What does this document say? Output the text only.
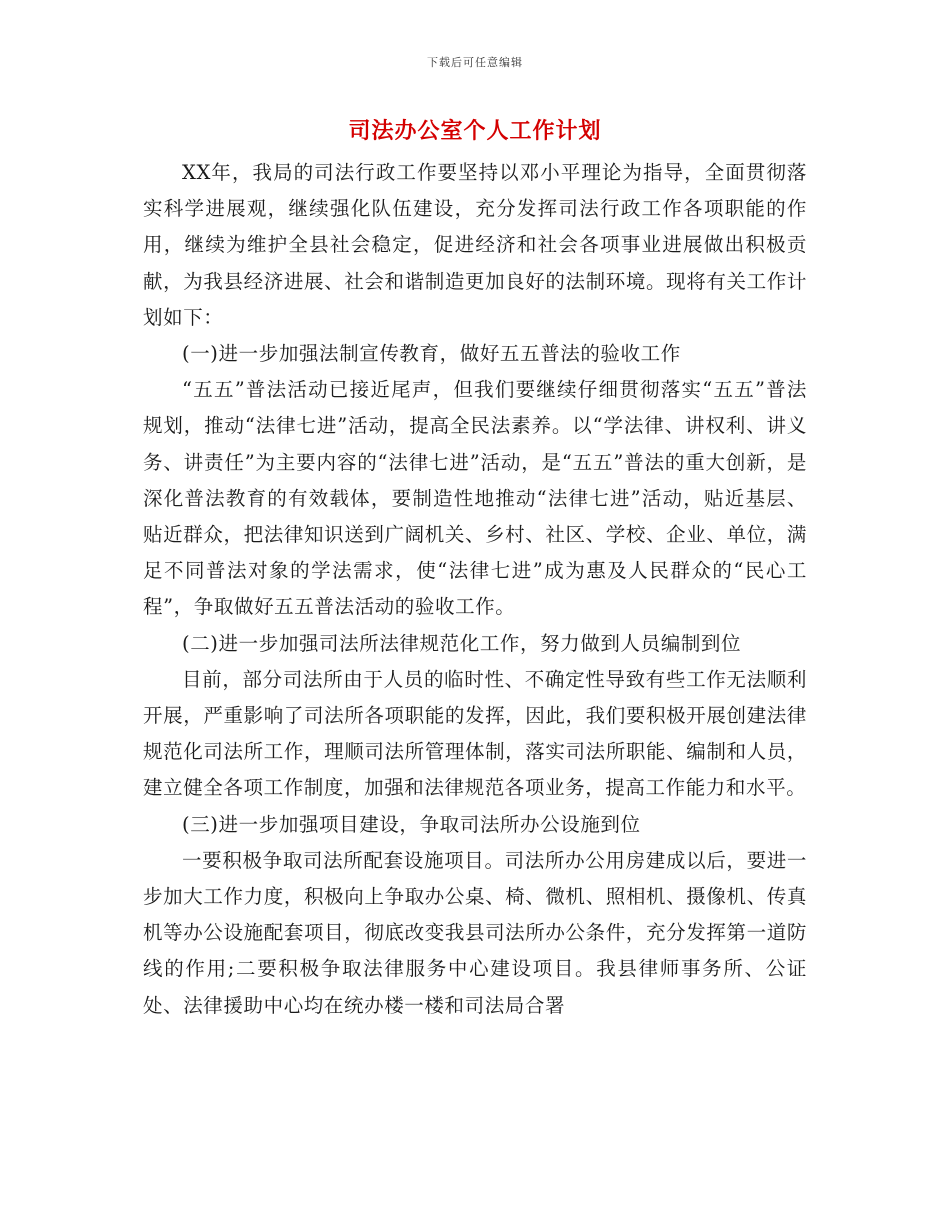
下载后可任意编辑
司法办公室个人工作计划

XX年，我局的司法行政工作要坚持以邓小平理论为指导，全面贯彻落实科学进展观，继续强化队伍建设，充分发挥司法行政工作各项职能的作用，继续为维护全县社会稳定，促进经济和社会各项事业进展做出积极贡献，为我县经济进展、社会和谐制造更加良好的法制环境。现将有关工作计划如下：

(一)进一步加强法制宣传教育，做好五五普法的验收工作

“五五”普法活动已接近尾声，但我们要继续仔细贯彻落实“五五”普法规划，推动“法律七进”活动，提高全民法素养。以“学法律、讲权利、讲义务、讲责任”为主要内容的“法律七进”活动，是“五五”普法的重大创新，是深化普法教育的有效载体，要制造性地推动“法律七进”活动，贴近基层、贴近群众，把法律知识送到广阔机关、乡村、社区、学校、企业、单位，满足不同普法对象的学法需求，使“法律七进”成为惠及人民群众的“民心工程”，争取做好五五普法活动的验收工作。

(二)进一步加强司法所法律规范化工作，努力做到人员编制到位

目前，部分司法所由于人员的临时性、不确定性导致有些工作无法顺利开展，严重影响了司法所各项职能的发挥，因此，我们要积极开展创建法律规范化司法所工作，理顺司法所管理体制，落实司法所职能、编制和人员，建立健全各项工作制度，加强和法律规范各项业务，提高工作能力和水平。

(三)进一步加强项目建设，争取司法所办公设施到位

一要积极争取司法所配套设施项目。司法所办公用房建成以后，要进一步加大工作力度，积极向上争取办公桌、椅、微机、照相机、摄像机、传真机等办公设施配套项目，彻底改变我县司法所办公条件，充分发挥第一道防线的作用;二要积极争取法律服务中心建设项目。我县律师事务所、公证处、法律援助中心均在统办楼一楼和司法局合署
